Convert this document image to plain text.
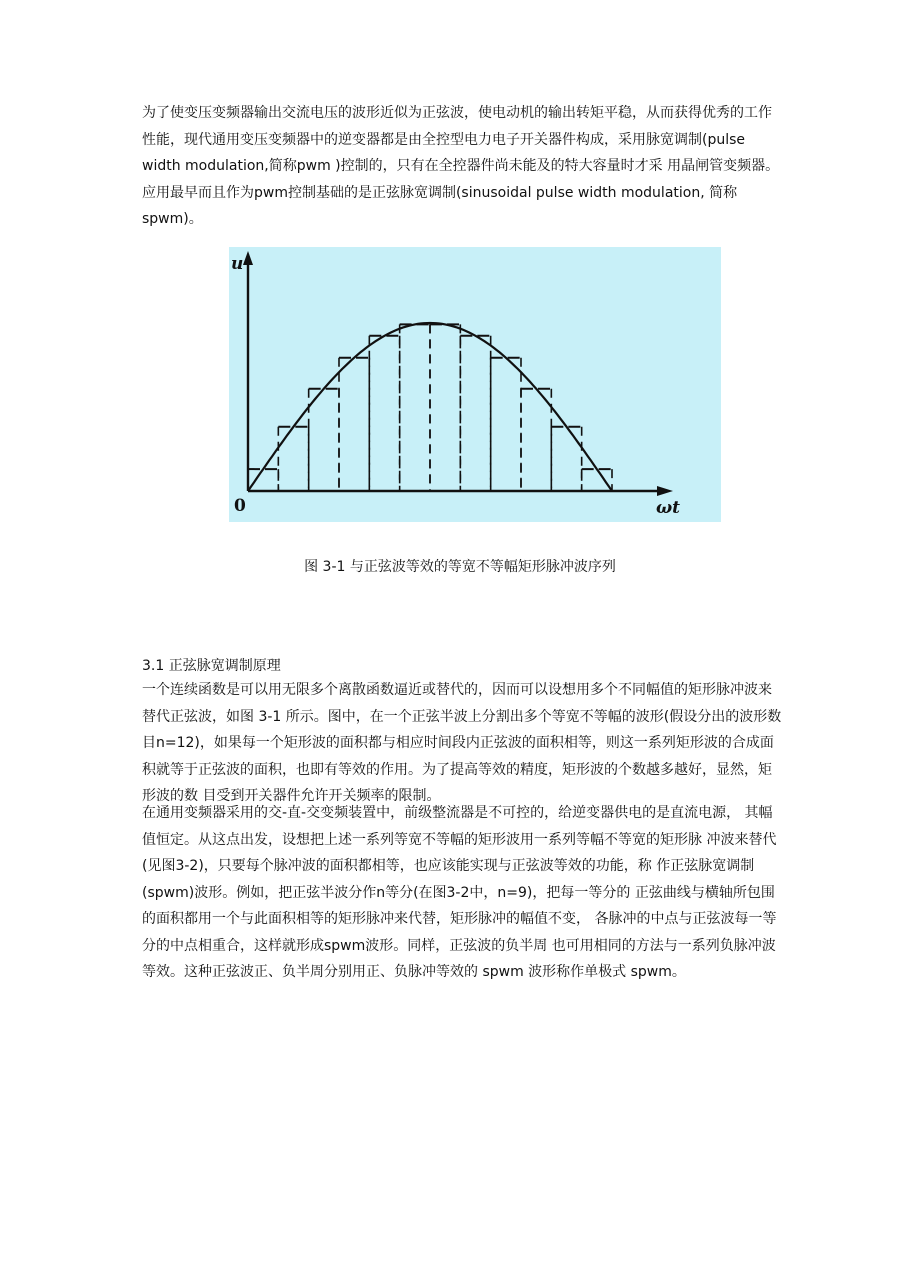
为了使变压变频器输出交流电压的波形近似为正弦波，使电动机的输出转矩平稳，从而获得优秀的工作性能，现代通用变压变频器中的逆变器都是由全控型电力电子开关器件构成，采用脉宽调制(pulse width modulation,简称pwm )控制的，只有在全控器件尚未能及的特大容量时才采 用晶闸管变频器。应用最早而且作为pwm控制基础的是正弦脉宽调制(sinusoidal pulse width modulation, 简称 spwm)。

u
ωt
0
图 3-1 与正弦波等效的等宽不等幅矩形脉冲波序列

3.1 正弦脉宽调制原理

一个连续函数是可以用无限多个离散函数逼近或替代的，因而可以设想用多个不同幅值的矩形脉冲波来替代正弦波，如图 3-1 所示。图中，在一个正弦半波上分割出多个等宽不等幅的波形(假设分出的波形数目n=12)，如果每一个矩形波的面积都与相应时间段内正弦波的面积相等，则这一系列矩形波的合成面积就等于正弦波的面积，也即有等效的作用。为了提高等效的精度，矩形波的个数越多越好，显然，矩形波的数 目受到开关器件允许开关频率的限制。

在通用变频器采用的交-直-交变频装置中，前级整流器是不可控的，给逆变器供电的是直流电源， 其幅值恒定。从这点出发，设想把上述一系列等宽不等幅的矩形波用一系列等幅不等宽的矩形脉 冲波来替代(见图3-2)，只要每个脉冲波的面积都相等，也应该能实现与正弦波等效的功能，称 作正弦脉宽调制(spwm)波形。例如，把正弦半波分作n等分(在图3-2中，n=9)，把每一等分的 正弦曲线与横轴所包围的面积都用一个与此面积相等的矩形脉冲来代替，矩形脉冲的幅值不变， 各脉冲的中点与正弦波每一等分的中点相重合，这样就形成spwm波形。同样，正弦波的负半周 也可用相同的方法与一系列负脉冲波等效。这种正弦波正、负半周分别用正、负脉冲等效的 spwm 波形称作单极式 spwm。
